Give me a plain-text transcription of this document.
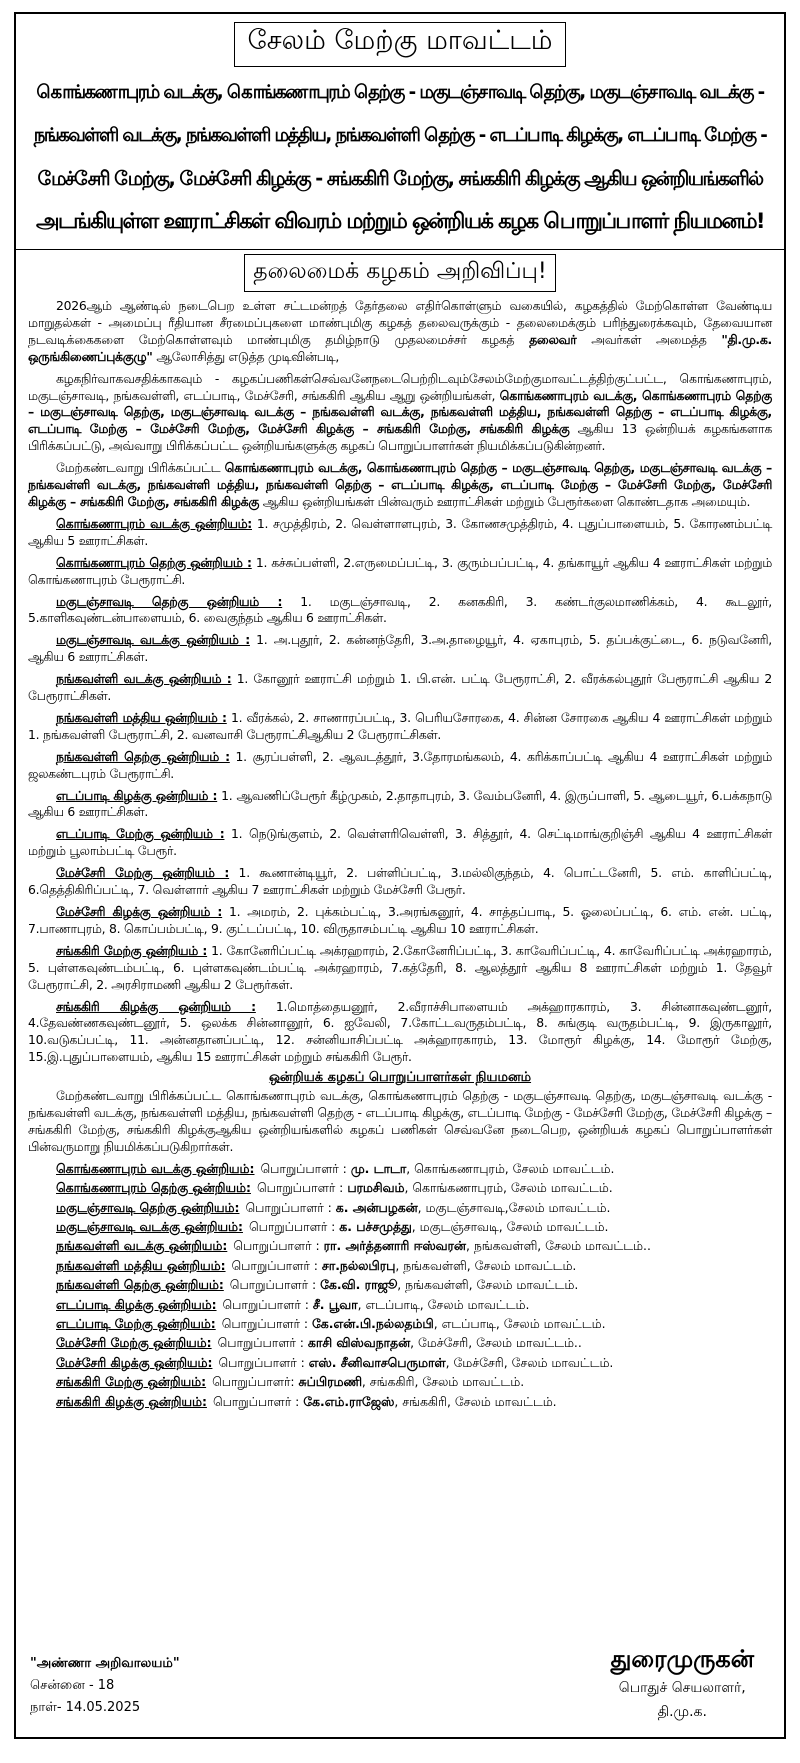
சேலம் மேற்கு மாவட்டம்
கொங்கணாபுரம் வடக்கு, கொங்கணாபுரம் தெற்கு - மகுடஞ்சாவடி தெற்கு, மகுடஞ்சாவடி வடக்கு -
நங்கவள்ளி வடக்கு, நங்கவள்ளி மத்திய, நங்கவள்ளி தெற்கு - எடப்பாடி கிழக்கு, எடப்பாடி மேற்கு -
மேச்சேரி மேற்கு, மேச்சேரி கிழக்கு - சங்ககிரி மேற்கு, சங்ககிரி கிழக்கு ஆகிய ஒன்றியங்களில்
அடங்கியுள்ள ஊராட்சிகள் விவரம் மற்றும் ஒன்றியக் கழக பொறுப்பாளர் நியமனம்!
தலைமைக் கழகம் அறிவிப்பு!

2026ஆம் ஆண்டில் நடைபெற உள்ள சட்டமன்றத் தேர்தலை எதிர்கொள்ளும் வகையில், கழகத்தில் மேற்கொள்ள வேண்டிய மாறுதல்கள் - அமைப்பு ரீதியான சீரமைப்புகளை மாண்புமிகு கழகத் தலைவருக்கும் - தலைமைக்கும் பரிந்துரைக்கவும், தேவையான நடவடிக்கைகளை மேற்கொள்ளவும் மாண்புமிகு தமிழ்நாடு முதலமைச்சர் கழகத் தலைவர் அவர்கள் அமைத்த "தி.மு.க. ஒருங்கிணைப்புக்குழு" ஆலோசித்து எடுத்த முடிவின்படி,

கழகநிர்வாகவசதிக்காகவும் - கழகப்பணிகள்செவ்வனேநடைபெற்றிடவும்சேலம்மேற்குமாவட்டத்திற்குட்பட்ட, கொங்கணாபுரம், மகுடஞ்சாவடி, நங்கவள்ளி, எடப்பாடி, மேச்சேரி, சங்ககிரி ஆகிய ஆறு ஒன்றியங்கள், கொங்கணாபுரம் வடக்கு, கொங்கணாபுரம் தெற்கு – மகுடஞ்சாவடி தெற்கு, மகுடஞ்சாவடி வடக்கு – நங்கவள்ளி வடக்கு, நங்கவள்ளி மத்திய, நங்கவள்ளி தெற்கு – எடப்பாடி கிழக்கு, எடப்பாடி மேற்கு – மேச்சேரி மேற்கு, மேச்சேரி கிழக்கு – சங்ககிரி மேற்கு, சங்ககிரி கிழக்கு ஆகிய 13 ஒன்றியக் கழகங்களாக பிரிக்கப்பட்டு, அவ்வாறு பிரிக்கப்பட்ட ஒன்றியங்களுக்கு கழகப் பொறுப்பாளர்கள் நியமிக்கப்படுகின்றனர்.

மேற்கண்டவாறு பிரிக்கப்பட்ட கொங்கணாபுரம் வடக்கு, கொங்கணாபுரம் தெற்கு – மகுடஞ்சாவடி தெற்கு, மகுடஞ்சாவடி வடக்கு – நங்கவள்ளி வடக்கு, நங்கவள்ளி மத்திய, நங்கவள்ளி தெற்கு – எடப்பாடி கிழக்கு, எடப்பாடி மேற்கு – மேச்சேரி மேற்கு, மேச்சேரி கிழக்கு – சங்ககிரி மேற்கு, சங்ககிரி கிழக்கு ஆகிய ஒன்றியங்கள் பின்வரும் ஊராட்சிகள் மற்றும் பேரூர்களை கொண்டதாக அமையும்.

கொங்கணாபுரம் வடக்கு ஒன்றியம்: 1. சமுத்திரம், 2. வெள்ளாளபுரம், 3. கோணசமுத்திரம், 4. புதுப்பாளையம், 5. கோரணம்பட்டி ஆகிய 5 ஊராட்சிகள்.

கொங்கணாபுரம் தெற்கு ஒன்றியம் : 1. கச்சுப்பள்ளி, 2.எருமைப்பட்டி, 3. குரும்பப்பட்டி, 4. தங்காயூர் ஆகிய 4 ஊராட்சிகள் மற்றும் கொங்கணாபுரம் பேரூராட்சி.

மகுடஞ்சாவடி தெற்கு ஒன்றியம் : 1. மகுடஞ்சாவடி, 2. கனககிரி, 3. கண்டர்குலமாணிக்கம், 4. கூடலூர், 5.காளிகவுண்டன்பாளையம், 6. வைகுந்தம் ஆகிய 6 ஊராட்சிகள்.

மகுடஞ்சாவடி வடக்கு ஒன்றியம் : 1. அ.புதூர், 2. கன்னந்தேரி, 3.அ.தாழையூர், 4. ஏகாபுரம், 5. தப்பக்குட்டை, 6. நடுவனேரி, ஆகிய 6 ஊராட்சிகள்.

நங்கவள்ளி வடக்கு ஒன்றியம் : 1. கோனூர் ஊராட்சி மற்றும் 1. பி.என். பட்டி பேரூராட்சி, 2. வீரக்கல்புதூர் பேரூராட்சி ஆகிய 2 பேரூராட்சிகள்.

நங்கவள்ளி மத்திய ஒன்றியம் : 1. வீரக்கல், 2. சாணாரப்பட்டி, 3. பெரியசோரகை, 4. சின்ன சோரகை ஆகிய 4 ஊராட்சிகள் மற்றும் 1. நங்கவள்ளி பேரூராட்சி, 2. வனவாசி பேரூராட்சிஆகிய 2 பேரூராட்சிகள்.

நங்கவள்ளி தெற்கு ஒன்றியம் : 1. சூரப்பள்ளி, 2. ஆவடத்தூர், 3.தோரமங்கலம், 4. கரிக்காப்பட்டி ஆகிய 4 ஊராட்சிகள் மற்றும் ஜலகண்டபுரம் பேரூராட்சி.

எடப்பாடி கிழக்கு ஒன்றியம் : 1. ஆவணிப்பேரூர் கீழ்முகம், 2.தாதாபுரம், 3. வேம்பனேரி, 4. இருப்பாளி, 5. ஆடையூர், 6.பக்கநாடு ஆகிய 6 ஊராட்சிகள்.

எடப்பாடி மேற்கு ஒன்றியம் : 1. நெடுங்குளம், 2. வெள்ளரிவெள்ளி, 3. சித்தூர், 4. செட்டிமாங்குறிஞ்சி ஆகிய 4 ஊராட்சிகள் மற்றும் பூலாம்பட்டி பேரூர்.

மேச்சேரி மேற்கு ஒன்றியம் : 1. கூணான்டியூர், 2. பள்ளிப்பட்டி, 3.மல்லிகுந்தம், 4. பொட்டனேரி, 5. எம். காளிப்பட்டி, 6.தெத்திகிரிப்பட்டி, 7. வெள்ளார் ஆகிய 7 ஊராட்சிகள் மற்றும் மேச்சேரி பேரூர்.

மேச்சேரி கிழக்கு ஒன்றியம் : 1. அமரம், 2. புக்கம்பட்டி, 3.அரங்கனூர், 4. சாத்தப்பாடி, 5. ஓலைப்பட்டி, 6. எம். என். பட்டி, 7.பாணாபுரம், 8. கொப்பம்பட்டி, 9. குட்டப்பட்டி, 10. விருதாசம்பட்டி ஆகிய 10 ஊராட்சிகள்.

சங்ககிரி மேற்கு ஒன்றியம் : 1. கோனேரிப்பட்டி அக்ரஹாரம், 2.கோனேரிப்பட்டி, 3. காவேரிப்பட்டி, 4. காவேரிப்பட்டி அக்ரஹாரம், 5. புள்ளகவுண்டம்பட்டி, 6. புள்ளகவுண்டம்பட்டி அக்ரஹாரம், 7.கத்தேரி, 8. ஆலத்தூர் ஆகிய 8 ஊராட்சிகள் மற்றும் 1. தேவூர் பேரூராட்சி, 2. அரசிராமணி ஆகிய 2 பேரூர்கள்.

சங்ககிரி கிழக்கு ஒன்றியம் : 1.மொத்தையனூர், 2.வீராச்சிபாளையம் அக்ஹாரகாரம், 3. சின்னாகவுண்டனூர், 4.தேவண்ணகவுண்டனூர், 5. ஒலக்க சின்னானூர், 6. ஐவேலி, 7.கோட்டவருதம்பட்டி, 8. சுங்குடி வருதம்பட்டி, 9. இருகாலூர், 10.வடுகப்பட்டி, 11. அன்னதானப்பட்டி, 12. சன்னியாசிப்பட்டி அக்ஹாரகாரம், 13. மோரூர் கிழக்கு, 14. மோரூர் மேற்கு, 15.இ.புதுப்பாளையம், ஆகிய 15 ஊராட்சிகள் மற்றும் சங்ககிரி பேரூர்.

ஒன்றியக் கழகப் பொறுப்பாளர்கள் நியமனம்

மேற்கண்டவாறு பிரிக்கப்பட்ட கொங்கணாபுரம் வடக்கு, கொங்கணாபுரம் தெற்கு - மகுடஞ்சாவடி தெற்கு, மகுடஞ்சாவடி வடக்கு - நங்கவள்ளி வடக்கு, நங்கவள்ளி மத்திய, நங்கவள்ளி தெற்கு - எடப்பாடி கிழக்கு, எடப்பாடி மேற்கு - மேச்சேரி மேற்கு, மேச்சேரி கிழக்கு – சங்ககிரி மேற்கு, சங்ககிரி கிழக்குஆகிய ஒன்றியங்களில் கழகப் பணிகள் செவ்வனே நடைபெற, ஒன்றியக் கழகப் பொறுப்பாளர்கள் பின்வருமாறு நியமிக்கப்படுகிறார்கள்.

கொங்கணாபுரம் வடக்கு ஒன்றியம்: பொறுப்பாளர் : மு. டாடா, கொங்கணாபுரம், சேலம் மாவட்டம்.
கொங்கணாபுரம் தெற்கு ஒன்றியம்: பொறுப்பாளர் : பரமசிவம், கொங்கணாபுரம், சேலம் மாவட்டம்.
மகுடஞ்சாவடி தெற்கு ஒன்றியம்: பொறுப்பாளர் : க. அன்பழகன், மகுடஞ்சாவடி,சேலம் மாவட்டம்.
மகுடஞ்சாவடி வடக்கு ஒன்றியம்: பொறுப்பாளர் : க. பச்சமுத்து, மகுடஞ்சாவடி, சேலம் மாவட்டம்.
நங்கவள்ளி வடக்கு ஒன்றியம்: பொறுப்பாளர் : ரா. அர்த்தனாரி ஈஸ்வரன், நங்கவள்ளி, சேலம் மாவட்டம்..
நங்கவள்ளி மத்திய ஒன்றியம்: பொறுப்பாளர் : சா.நல்லபிரபு, நங்கவள்ளி, சேலம் மாவட்டம்.
நங்கவள்ளி தெற்கு ஒன்றியம்: பொறுப்பாளர் : கே.வி. ராஜூ, நங்கவள்ளி, சேலம் மாவட்டம்.
எடப்பாடி கிழக்கு ஒன்றியம்: பொறுப்பாளர் : சீ. பூவா, எடப்பாடி, சேலம் மாவட்டம்.
எடப்பாடி மேற்கு ஒன்றியம்: பொறுப்பாளர் : கே.என்.பி.நல்லதம்பி, எடப்பாடி, சேலம் மாவட்டம்.
மேச்சேரி மேற்கு ஒன்றியம்: பொறுப்பாளர் : காசி விஸ்வநாதன், மேச்சேரி, சேலம் மாவட்டம்..
மேச்சேரி கிழக்கு ஒன்றியம்: பொறுப்பாளர் : எஸ். சீனிவாசபெருமாள், மேச்சேரி, சேலம் மாவட்டம்.
சங்ககிரி மேற்கு ஒன்றியம்: பொறுப்பாளர்: சுப்பிரமணி, சங்ககிரி, சேலம் மாவட்டம்.
சங்ககிரி கிழக்கு ஒன்றியம்: பொறுப்பாளர் : கே.எம்.ராஜேஸ், சங்ககிரி, சேலம் மாவட்டம்.
"அண்ணா அறிவாலயம்"
சென்னை - 18
நாள்- 14.05.2025
துரைமுருகன்
பொதுச் செயலாளர்,
தி.மு.க.
